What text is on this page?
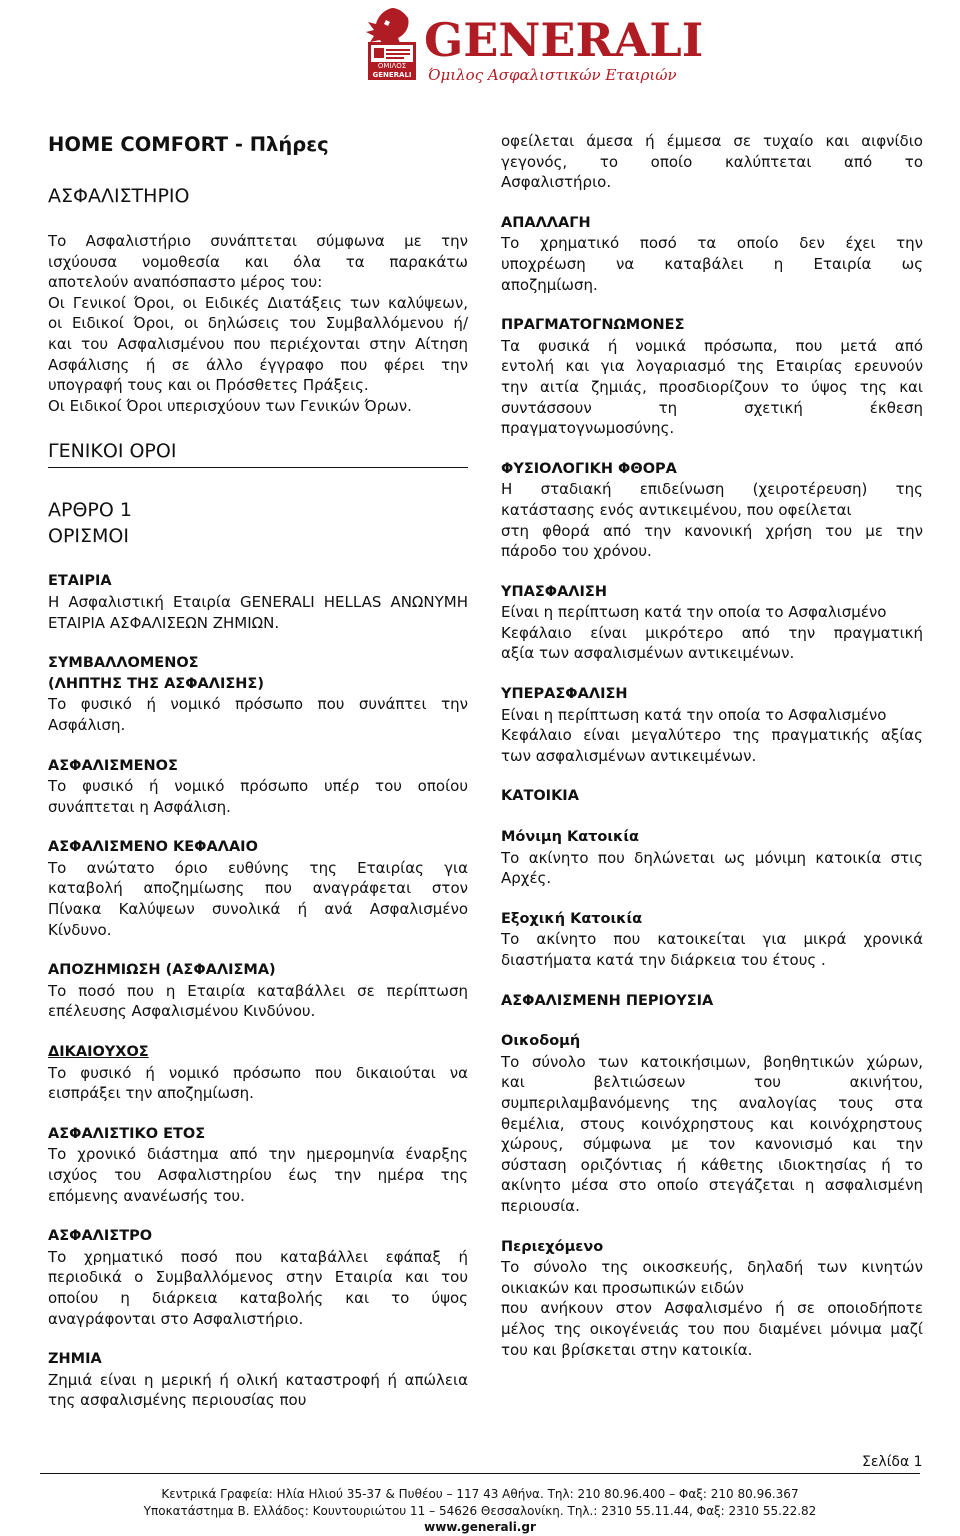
ΟΜΙΛΟΣ
GENERALI
GENERALI
Όμιλος Ασφαλιστικών Εταιριών
HOME COMFORT - Πλήρες
ΑΣΦΑΛΙΣΤΗΡΙΟ
Το Ασφαλιστήριο συνάπτεται σύμφωνα με την
ισχύουσα νομοθεσία και όλα τα παρακάτω
αποτελούν αναπόσπαστο μέρος του:
Οι Γενικοί Όροι, οι Ειδικές Διατάξεις των καλύψεων,
οι Ειδικοί Όροι, οι δηλώσεις του Συμβαλλόμενου ή/
και του Ασφαλισμένου που περιέχονται στην Αίτηση
Ασφάλισης ή σε άλλο έγγραφο που φέρει την
υπογραφή τους και οι Πρόσθετες Πράξεις.
Οι Ειδικοί Όροι υπερισχύουν των Γενικών Όρων.
ΓΕΝΙΚΟΙ ΟΡΟΙ
ΑΡΘΡΟ 1
ΟΡΙΣΜΟΙ
ΕΤΑΙΡΙΑ
Η Ασφαλιστική Εταιρία GENERALI HELLAS ΑΝΩΝΥΜΗ
ΕΤΑΙΡΙΑ ΑΣΦΑΛΙΣΕΩΝ ΖΗΜΙΩΝ.
ΣΥΜΒΑΛΛΟΜΕΝΟΣ
(ΛΗΠΤΗΣ ΤΗΣ ΑΣΦΑΛΙΣΗΣ)
Το φυσικό ή νομικό πρόσωπο που συνάπτει την
Ασφάλιση.
ΑΣΦΑΛΙΣΜΕΝΟΣ
Το φυσικό ή νομικό πρόσωπο υπέρ του οποίου
συνάπτεται η Ασφάλιση.
ΑΣΦΑΛΙΣΜΕΝΟ ΚΕΦΑΛΑΙΟ
Το ανώτατο όριο ευθύνης της Εταιρίας για
καταβολή αποζημίωσης που αναγράφεται στον
Πίνακα Καλύψεων συνολικά ή ανά Ασφαλισμένο
Κίνδυνο.
ΑΠΟΖΗΜΙΩΣΗ (ΑΣΦΑΛΙΣΜΑ)
Το ποσό που η Εταιρία καταβάλλει σε περίπτωση
επέλευσης Ασφαλισμένου Κινδύνου.
ΔΙΚΑΙΟΥΧΟΣ
Το φυσικό ή νομικό πρόσωπο που δικαιούται να
εισπράξει την αποζημίωση.
ΑΣΦΑΛΙΣΤΙΚΟ ΕΤΟΣ
Το χρονικό διάστημα από την ημερομηνία έναρξης
ισχύος του Ασφαλιστηρίου έως την ημέρα της
επόμενης ανανέωσής του.
ΑΣΦΑΛΙΣΤΡΟ
Το χρηματικό ποσό που καταβάλλει εφάπαξ ή
περιοδικά ο Συμβαλλόμενος στην Εταιρία και του
οποίου η διάρκεια καταβολής και το ύψος
αναγράφονται στο Ασφαλιστήριο.
ΖΗΜΙΑ
Ζημιά είναι η μερική ή ολική καταστροφή ή απώλεια
της ασφαλισμένης περιουσίας που
οφείλεται άμεσα ή έμμεσα σε τυχαίο και αιφνίδιο
γεγονός, το οποίο καλύπτεται από το
Ασφαλιστήριο.
ΑΠΑΛΛΑΓΗ
Το χρηματικό ποσό τα οποίο δεν έχει την
υποχρέωση να καταβάλει η Εταιρία ως
αποζημίωση.
ΠΡΑΓΜΑΤΟΓΝΩΜΟΝΕΣ
Τα φυσικά ή νομικά πρόσωπα, που μετά από
εντολή και για λογαριασμό της Εταιρίας ερευνούν
την αιτία ζημιάς, προσδιορίζουν το ύψος της και
συντάσσουν τη σχετική έκθεση
πραγματογνωμοσύνης.
ΦΥΣΙΟΛΟΓΙΚΗ ΦΘΟΡΑ
Η σταδιακή επιδείνωση (χειροτέρευση) της
κατάστασης ενός αντικειμένου, που οφείλεται
στη φθορά από την κανονική χρήση του με την
πάροδο του χρόνου.
ΥΠΑΣΦΑΛΙΣΗ
Είναι η περίπτωση κατά την οποία το Ασφαλισμένο
Κεφάλαιο είναι μικρότερο από την πραγματική
αξία των ασφαλισμένων αντικειμένων.
ΥΠΕΡΑΣΦΑΛΙΣΗ
Είναι η περίπτωση κατά την οποία το Ασφαλισμένο
Κεφάλαιο είναι μεγαλύτερο της πραγματικής αξίας
των ασφαλισμένων αντικειμένων.
ΚΑΤΟΙΚΙΑ
Μόνιμη Κατοικία
Το ακίνητο που δηλώνεται ως μόνιμη κατοικία στις
Αρχές.
Εξοχική Κατοικία
Το ακίνητο που κατοικείται για μικρά χρονικά
διαστήματα κατά την διάρκεια του έτους .
ΑΣΦΑΛΙΣΜΕΝΗ ΠΕΡΙΟΥΣΙΑ
Οικοδομή
Το σύνολο των κατοικήσιμων, βοηθητικών χώρων,
και βελτιώσεων του ακινήτου,
συμπεριλαμβανόμενης της αναλογίας τους στα
θεμέλια, στους κοινόχρηστους και κοινόχρηστους
χώρους, σύμφωνα με τον κανονισμό και την
σύσταση οριζόντιας ή κάθετης ιδιοκτησίας ή το
ακίνητο μέσα στο οποίο στεγάζεται η ασφαλισμένη
περιουσία.
Περιεχόμενο
Το σύνολο της οικοσκευής, δηλαδή των κινητών
οικιακών και προσωπικών ειδών
που ανήκουν στον Ασφαλισμένο ή σε οποιοδήποτε
μέλος της οικογένειάς του που διαμένει μόνιμα μαζί
του και βρίσκεται στην κατοικία.
Σελίδα 1
Κεντρικά Γραφεία: Ηλία Ηλιού 35-37 & Πυθέου – 117 43 Αθήνα. Τηλ: 210 80.96.400 – Φαξ: 210 80.96.367
Υποκατάστημα Β. Ελλάδος: Κουντουριώτου 11 – 54626 Θεσσαλονίκη. Τηλ.: 2310 55.11.44, Φαξ: 2310 55.22.82
www.generali.gr
